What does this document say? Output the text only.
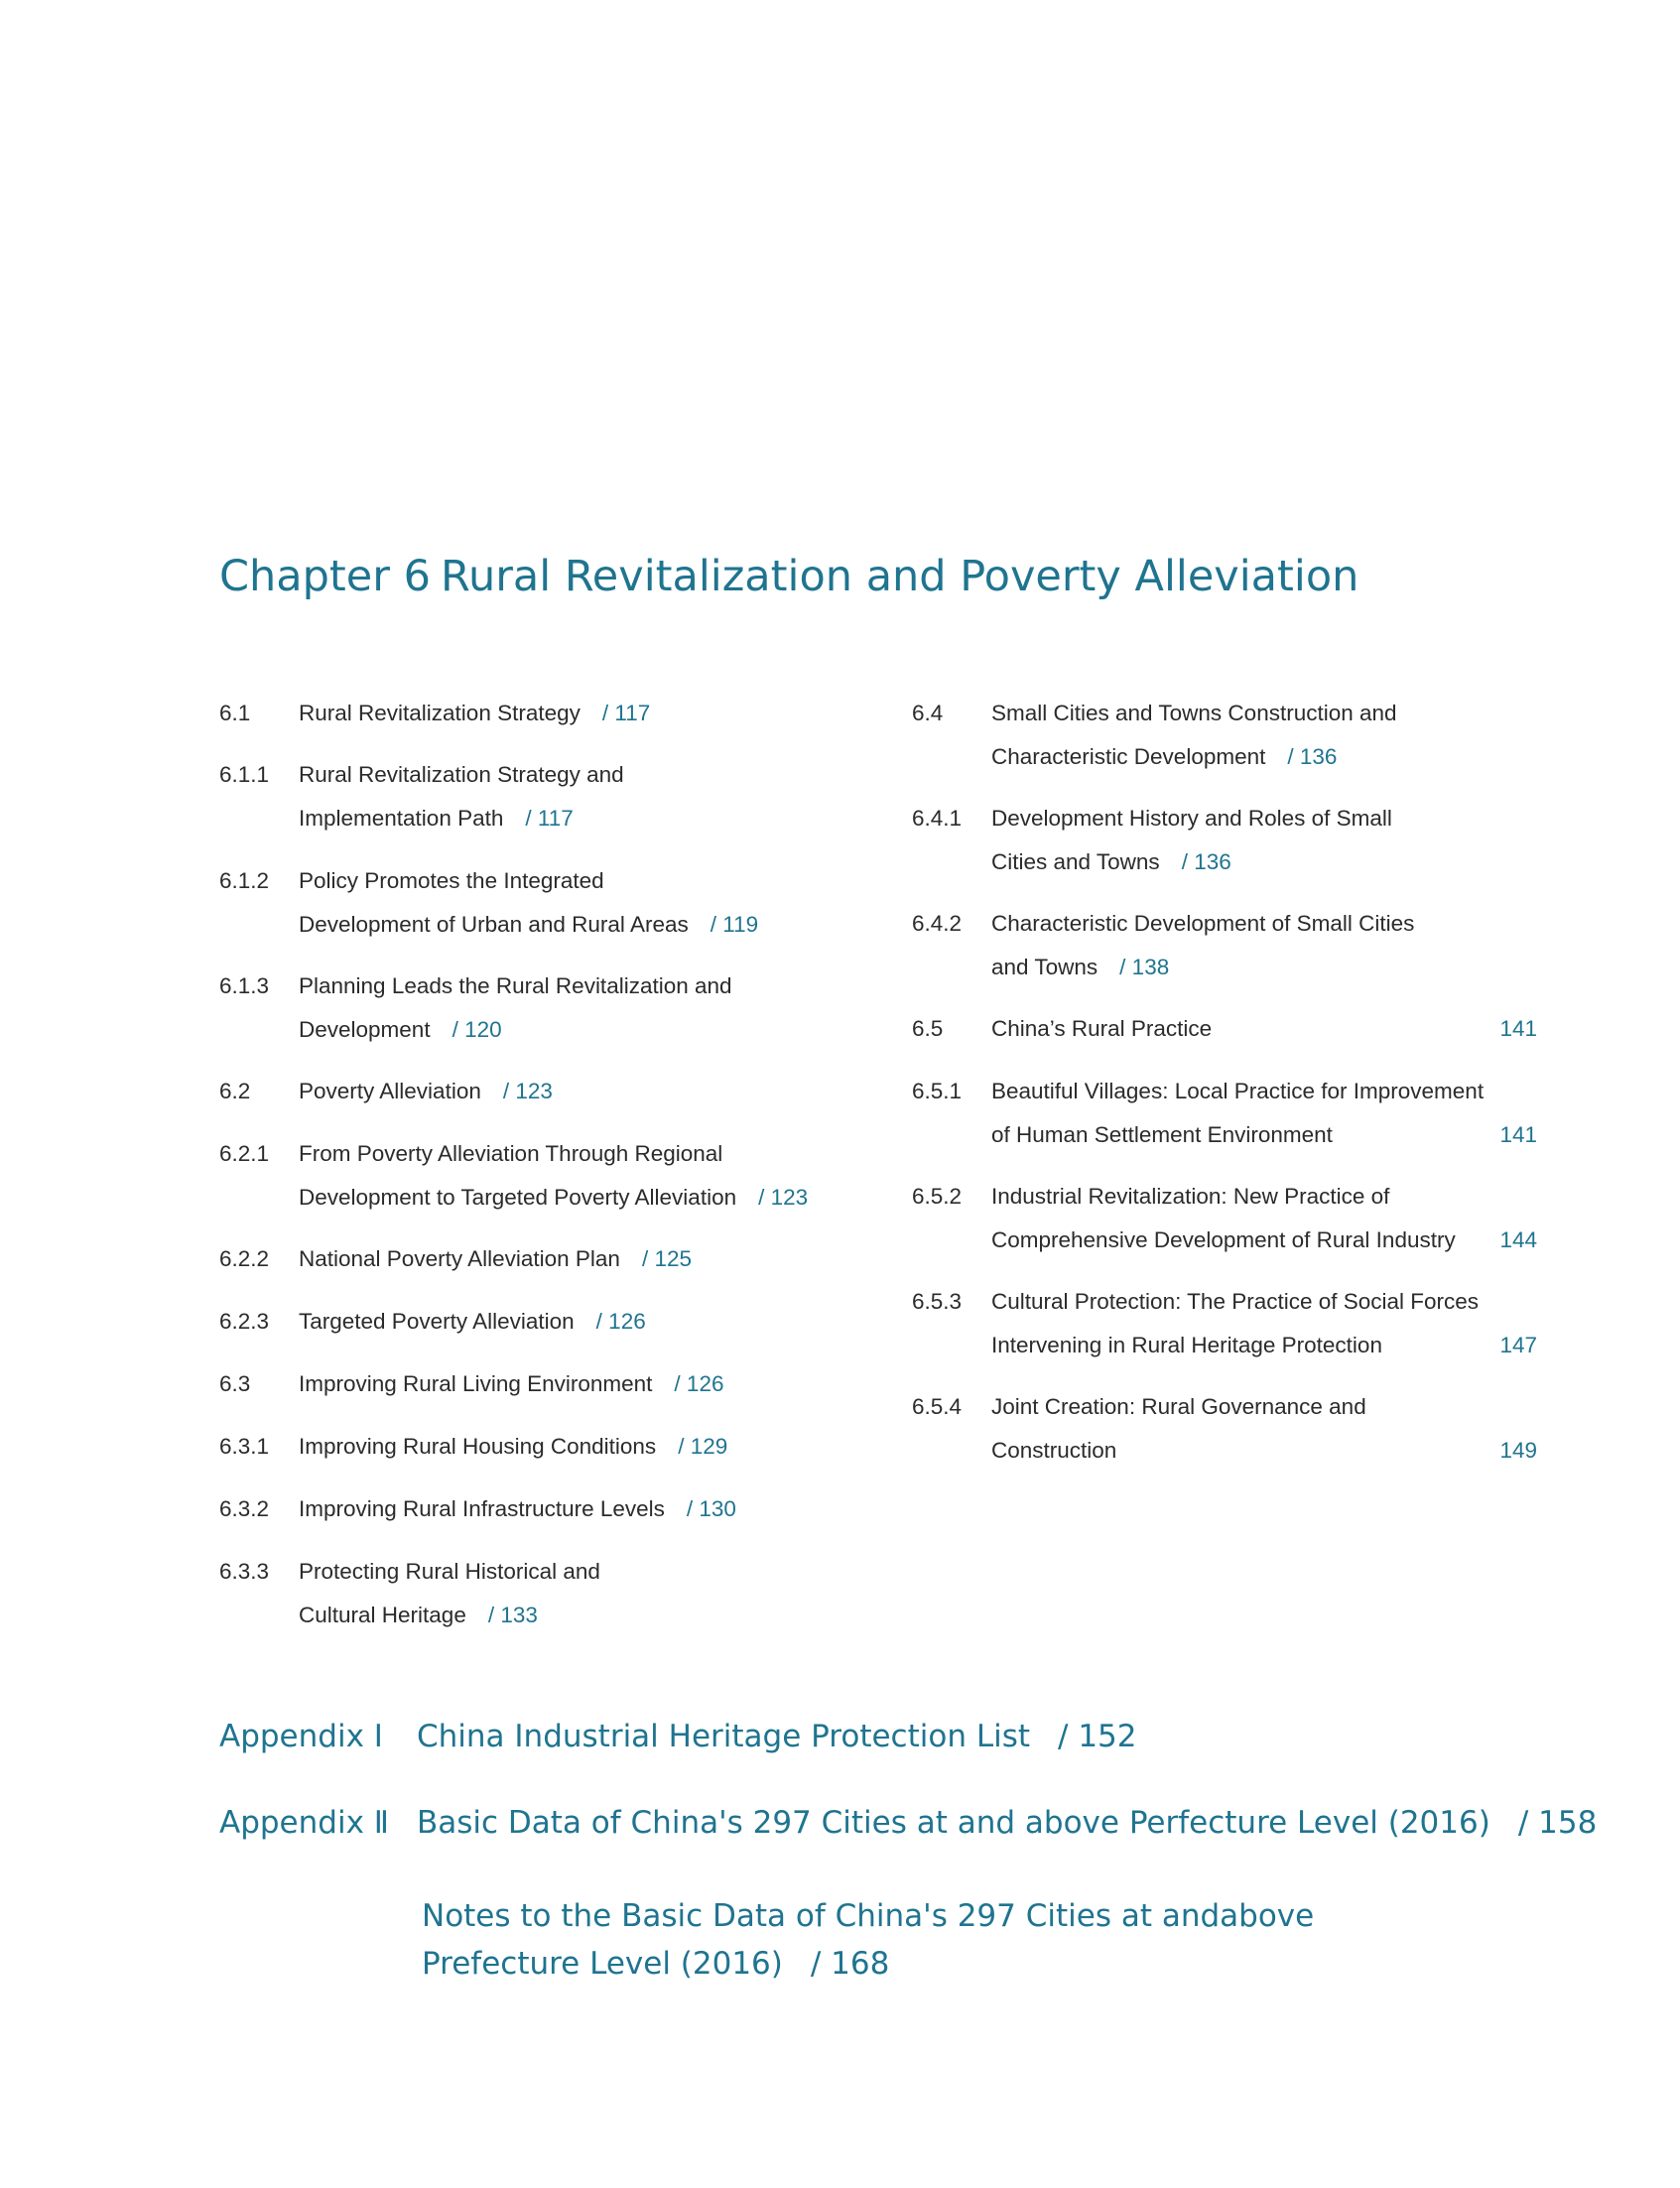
Chapter 6 Rural Revitalization and Poverty Alleviation
6.1 Rural Revitalization Strategy / 117
6.1.1 Rural Revitalization Strategy and
Implementation Path / 117
6.1.2 Policy Promotes the Integrated
Development of Urban and Rural Areas / 119
6.1.3 Planning Leads the Rural Revitalization and
Development / 120
6.2 Poverty Alleviation / 123
6.2.1 From Poverty Alleviation Through Regional
Development to Targeted Poverty Alleviation / 123
6.2.2 National Poverty Alleviation Plan / 125
6.2.3 Targeted Poverty Alleviation / 126
6.3 Improving Rural Living Environment / 126
6.3.1 Improving Rural Housing Conditions / 129
6.3.2 Improving Rural Infrastructure Levels / 130
6.3.3 Protecting Rural Historical and
Cultural Heritage / 133
6.4 Small Cities and Towns Construction and
Characteristic Development / 136
6.4.1 Development History and Roles of Small
Cities and Towns / 136
6.4.2 Characteristic Development of Small Cities
and Towns / 138
6.5 China’s Rural Practice	141
6.5.1 Beautiful Villages: Local Practice for Improvement
of Human Settlement Environment	141
6.5.2 Industrial Revitalization: New Practice of
Comprehensive Development of Rural Industry 144
6.5.3 Cultural Protection: The Practice of Social Forces
Intervening in Rural Heritage Protection	147
6.5.4 Joint Creation: Rural Governance and
Construction	149
Appendix Ⅰ China Industrial Heritage Protection List / 152
Appendix Ⅱ Basic Data of China's 297 Cities at and above Perfecture Level (2016) / 158
Notes to the Basic Data of China's 297 Cities at andabove
Prefecture Level (2016) / 168
